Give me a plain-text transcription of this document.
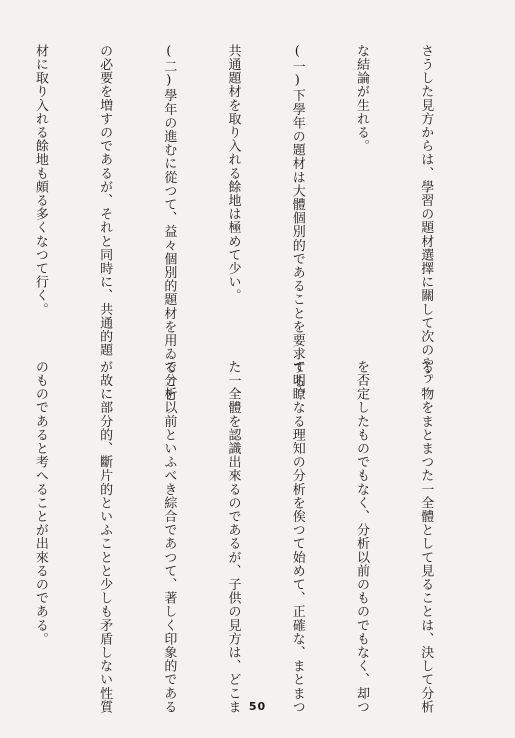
さうした見方からは、學習の題材選擇に關して次のやう

な結論が生れる。

(一)下學年の題材は大體個別的であることを要求する。

共通題材を取り入れる餘地は極めて少い。

(二)學年の進むに從つて、益々個別的題材を用ゐること

の必要を増すのであるが、それと同時に、共通的題

材に取り入れる餘地も頗る多くなつて行く。

る。物をまとまつた一全體として見ることは、決して分析

を否定したものでもなく、分析以前のものでもなく、却つ

て明瞭なる理知の分析を俟つて始めて、正確な、まとまつ

た一全體を認識出來るのであるが、子供の見方は、どこま

で分析以前といふべき綜合であつて、著しく印象的である

が故に部分的、斷片的といふことと少しも矛盾しない性質

のものであると考へることが出來るのである。

50
